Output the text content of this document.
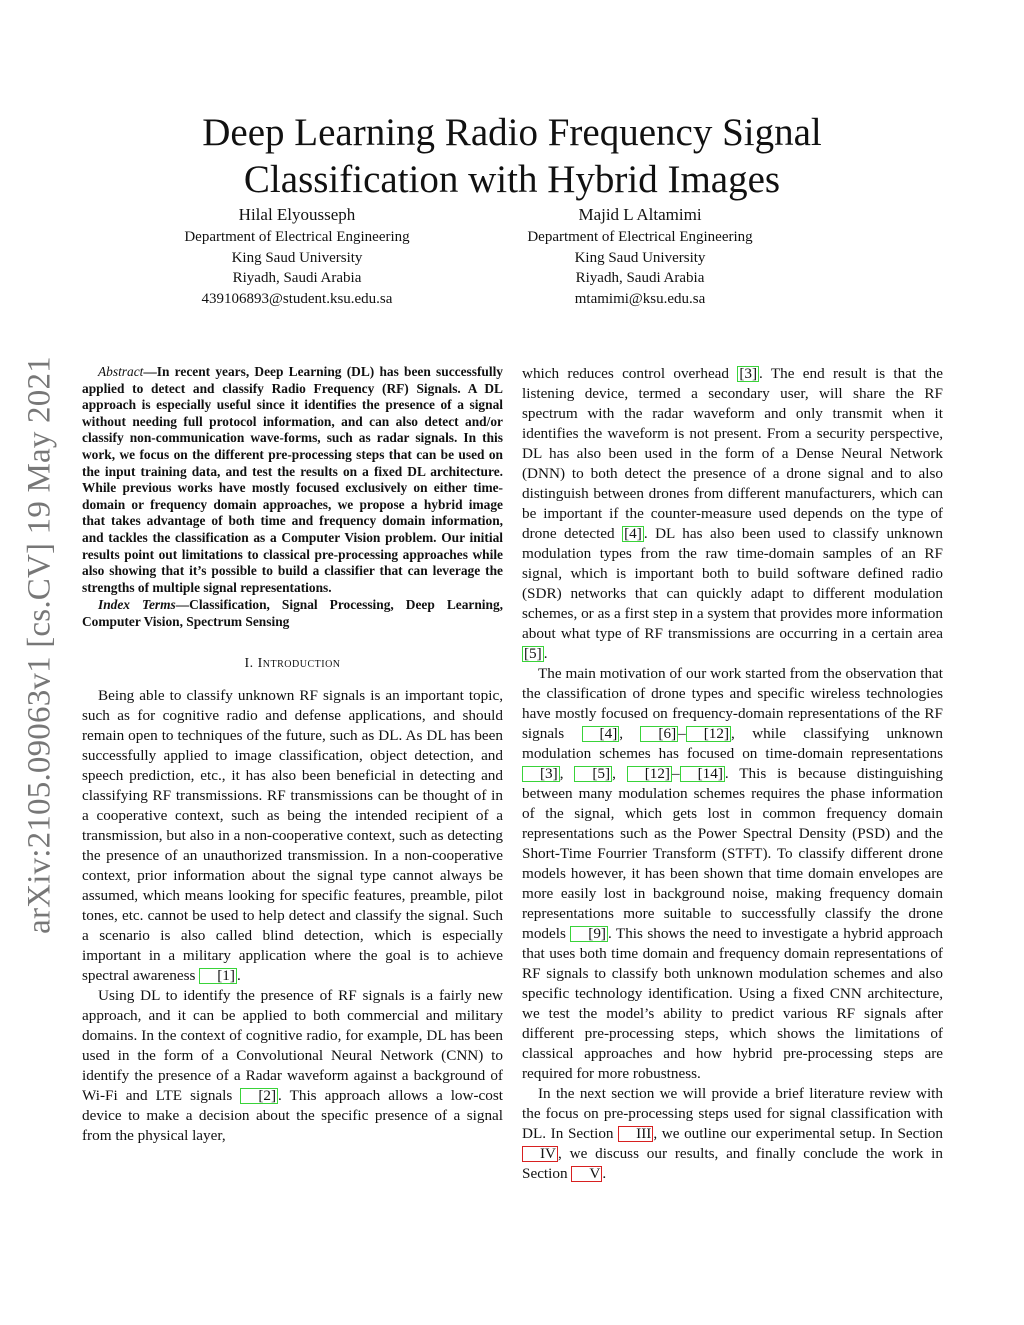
arXiv:2105.09063v1 [cs.CV] 19 May 2021
Deep Learning Radio Frequency Signal
Classification with Hybrid Images
Hilal Elyousseph
Department of Electrical Engineering
King Saud University
Riyadh, Saudi Arabia
439106893@student.ksu.edu.sa
Majid L Altamimi
Department of Electrical Engineering
King Saud University
Riyadh, Saudi Arabia
mtamimi@ksu.edu.sa

Abstract—In recent years, Deep Learning (DL) has been successfully applied to detect and classify Radio Frequency (RF) Signals. A DL approach is especially useful since it identifies the presence of a signal without needing full protocol information, and can also detect and/or classify non-communication wave-forms, such as radar signals. In this work, we focus on the different pre-processing steps that can be used on the input training data, and test the results on a fixed DL architecture. While previous works have mostly focused exclusively on either time-domain or frequency domain approaches, we propose a hybrid image that takes advantage of both time and frequency domain information, and tackles the classification as a Computer Vision problem. Our initial results point out limitations to classical pre-processing approaches while also showing that it’s possible to build a classifier that can leverage the strengths of multiple signal representations.

Index Terms—Classification, Signal Processing, Deep Learning, Computer Vision, Spectrum Sensing

I. Introduction

Being able to classify unknown RF signals is an important topic, such as for cognitive radio and defense applications, and should remain open to techniques of the future, such as DL. As DL has been successfully applied to image classification, object detection, and speech prediction, etc., it has also been beneficial in detecting and classifying RF transmissions. RF transmissions can be thought of in a cooperative context, such as being the intended recipient of a transmission, but also in a non-cooperative context, such as detecting the presence of an unauthorized transmission. In a non-cooperative context, prior information about the signal type cannot always be assumed, which means looking for specific features, preamble, pilot tones, etc. cannot be used to help detect and classify the signal. Such a scenario is also called blind detection, which is especially important in a military application where the goal is to achieve spectral awareness [1] .

Using DL to identify the presence of RF signals is a fairly new approach, and it can be applied to both commercial and military domains. In the context of cognitive radio, for example, DL has been used in the form of a Convolutional Neural Network (CNN) to identify the presence of a Radar waveform against a background of Wi-Fi and LTE signals [2] . This approach allows a low-cost device to make a decision about the specific presence of a signal from the physical layer,

which reduces control overhead [3] . The end result is that the listening device, termed a secondary user, will share the RF spectrum with the radar waveform and only transmit when it identifies the waveform is not present. From a security perspective, DL has also been used in the form of a Dense Neural Network (DNN) to both detect the presence of a drone signal and to also distinguish between drones from different manufacturers, which can be important if the counter-measure used depends on the type of drone detected [4] . DL has also been used to classify unknown modulation types from the raw time-domain samples of an RF signal, which is important both to build software defined radio (SDR) networks that can quickly adapt to different modulation schemes, or as a first step in a system that provides more information about what type of RF transmissions are occurring in a certain area [5] .

The main motivation of our work started from the observation that the classification of drone types and specific wireless technologies have mostly focused on frequency-domain representations of the RF signals [4] , [6] – [12] , while classifying unknown modulation schemes has focused on time-domain representations [3] , [5] , [12] – [14] . This is because distinguishing between many modulation schemes requires the phase information of the signal, which gets lost in common frequency domain representations such as the Power Spectral Density (PSD) and the Short-Time Fourrier Transform (STFT). To classify different drone models however, it has been shown that time domain envelopes are more easily lost in background noise, making frequency domain representations more suitable to successfully classify the drone models [9] . This shows the need to investigate a hybrid approach that uses both time domain and frequency domain representations of RF signals to classify both unknown modulation schemes and also specific technology identification. Using a fixed CNN architecture, we test the model’s ability to predict various RF signals after different pre-processing steps, which shows the limitations of classical approaches and how hybrid pre-processing steps are required for more robustness.

In the next section we will provide a brief literature review with the focus on pre-processing steps used for signal classification with DL. In Section III , we outline our experimental setup. In Section IV , we discuss our results, and finally conclude the work in Section V .
